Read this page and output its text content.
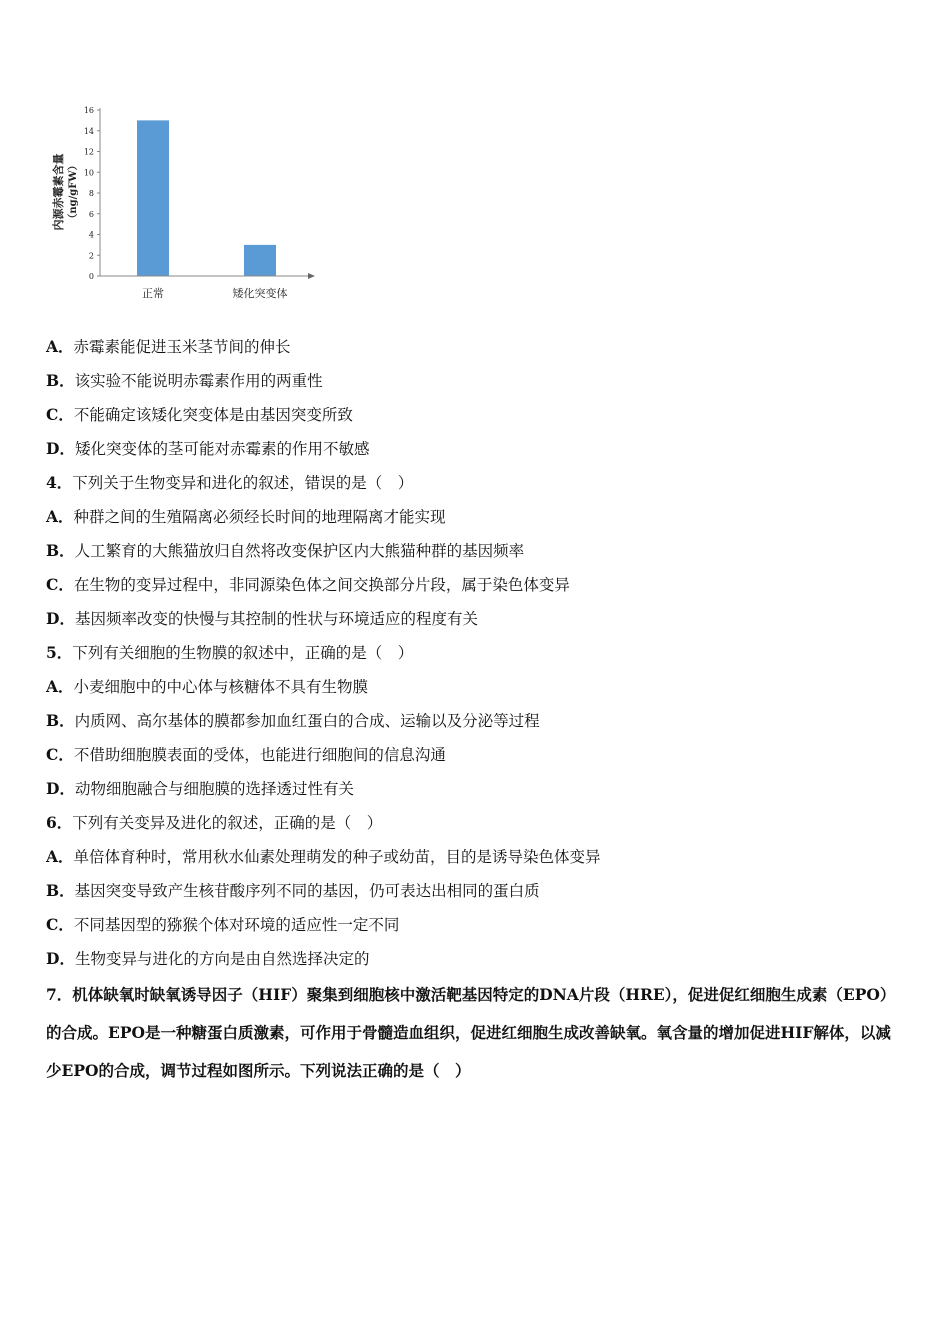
0
2
4
6
8
10
12
14
16
正常	矮化突变体
内源赤霉素含量 （ng/gFW）
A．赤霉素能促进玉米茎节间的伸长
B．该实验不能说明赤霉素作用的两重性
C．不能确定该矮化突变体是由基因突变所致
D．矮化突变体的茎可能对赤霉素的作用不敏感
4．下列关于生物变异和进化的叙述，错误的是（　）
A．种群之间的生殖隔离必须经长时间的地理隔离才能实现
B．人工繁育的大熊猫放归自然将改变保护区内大熊猫种群的基因频率
C．在生物的变异过程中，非同源染色体之间交换部分片段，属于染色体变异
D．基因频率改变的快慢与其控制的性状与环境适应的程度有关
5．下列有关细胞的生物膜的叙述中，正确的是（　）
A．小麦细胞中的中心体与核糖体不具有生物膜
B．内质网、高尔基体的膜都参加血红蛋白的合成、运输以及分泌等过程
C．不借助细胞膜表面的受体，也能进行细胞间的信息沟通
D．动物细胞融合与细胞膜的选择透过性有关
6．下列有关变异及进化的叙述，正确的是（　）
A．单倍体育种时，常用秋水仙素处理萌发的种子或幼苗，目的是诱导染色体变异
B．基因突变导致产生核苷酸序列不同的基因，仍可表达出相同的蛋白质
C．不同基因型的猕猴个体对环境的适应性一定不同
D．生物变异与进化的方向是由自然选择决定的
7．机体缺氧时缺氧诱导因子（HIF）聚集到细胞核中激活靶基因特定的DNA片段（HRE），促进促红细胞生成素（EPO）的合成。EPO是一种糖蛋白质激素，可作用于骨髓造血组织，促进红细胞生成改善缺氧。氧含量的增加促进HIF解体，以减少EPO的合成，调节过程如图所示。下列说法正确的是（　）
